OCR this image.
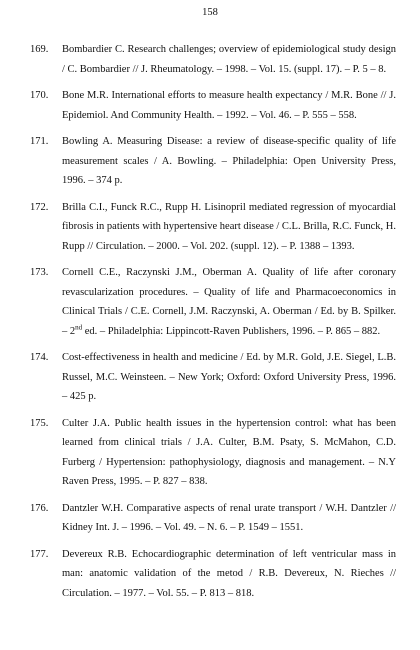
158
169.	Bombardier C. Research challenges; overview of epidemiological study design / C. Bombardier // J. Rheumatology. – 1998. – Vol. 15. (suppl. 17). – P. 5 – 8.
170.	Bone M.R. International efforts to measure health expectancy / M.R. Bone // J. Epidemiol. And Community Health. – 1992. – Vol. 46. – P. 555 – 558.
171.	Bowling A. Measuring Disease: a review of disease-specific quality of life measurement scales / A. Bowling. – Philadelphia: Open University Press, 1996. – 374 p.
172.	Brilla C.I., Funck R.C., Rupp H. Lisinopril mediated regression of myocardial fibrosis in patients with hypertensive heart disease / C.L. Brilla, R.C. Funck, H. Rupp // Circulation. – 2000. – Vol. 202. (suppl. 12). – P. 1388 – 1393.
173.	Cornell C.E., Raczynski J.M., Oberman A. Quality of life after coronary revascularization procedures. – Quality of life and Pharmacoeconomics in Clinical Trials / C.E. Cornell, J.M. Raczynski, A. Oberman / Ed. by B. Spilker. – 2nd ed. – Philadelphia: Lippincott-Raven Publishers, 1996. – P. 865 – 882.
174.	Cost-effectiveness in health and medicine / Ed. by M.R. Gold, J.E. Siegel, L.B. Russel, M.C. Weinsteen. – New York; Oxford: Oxford University Press, 1996. – 425 p.
175.	Culter J.A. Public health issues in the hypertension control: what has been learned from clinical trials / J.A. Culter, B.M. Psaty, S. McMahon, C.D. Furberg / Hypertension: pathophysiology, diagnosis and management. – N.Y Raven Press, 1995. – P. 827 – 838.
176.	Dantzler W.H. Comparative aspects of renal urate transport / W.H. Dantzler // Kidney Int. J. – 1996. – Vol. 49. – N. 6. – P. 1549 – 1551.
177.	Devereux R.B. Echocardiographic determination of left ventricular mass in man: anatomic validation of the metod / R.B. Devereux, N. Rieches // Circulation. – 1977. – Vol. 55. – P. 813 – 818.
